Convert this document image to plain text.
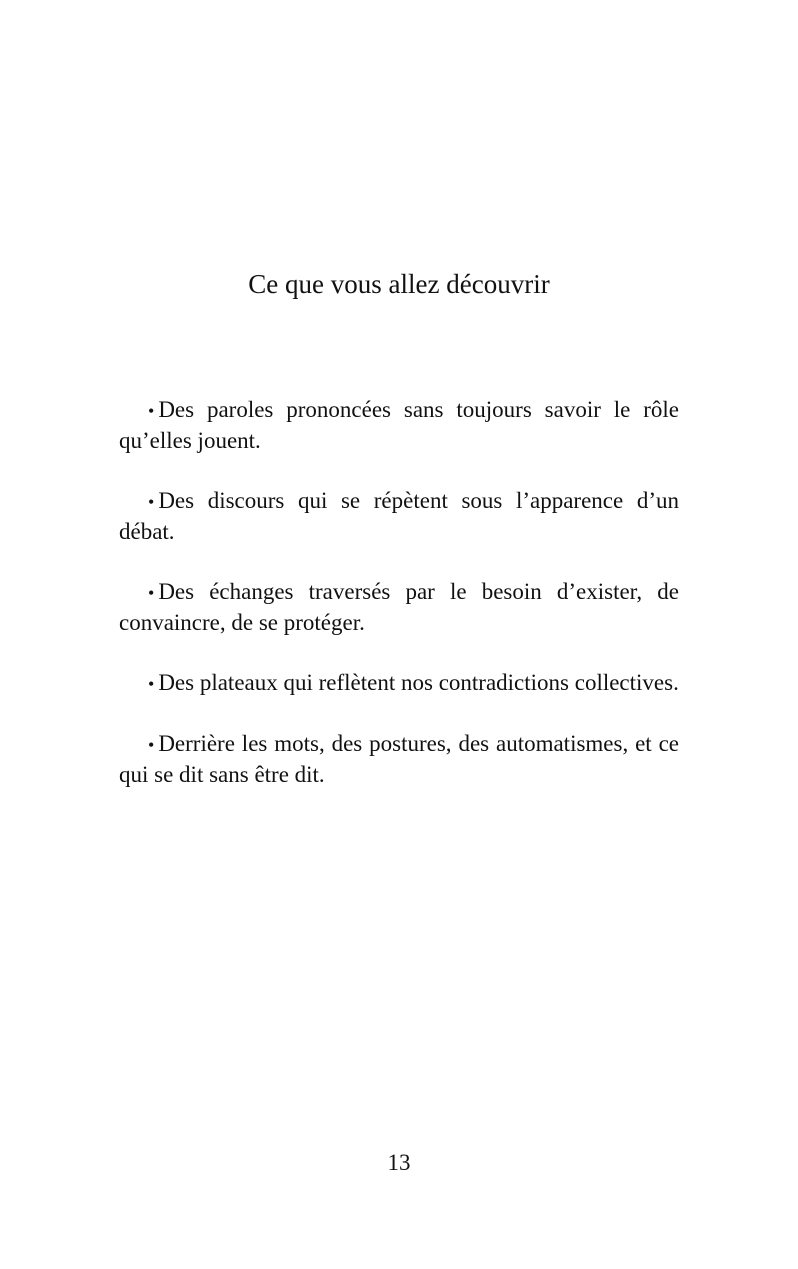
Ce que vous allez découvrir
• Des paroles prononcées sans toujours savoir le rôle qu’elles jouent.
• Des discours qui se répètent sous l’apparence d’un débat.
• Des échanges traversés par le besoin d’exister, de convaincre, de se protéger.
• Des plateaux qui reflètent nos contradictions collectives.
• Derrière les mots, des postures, des automatismes, et ce qui se dit sans être dit.
13
